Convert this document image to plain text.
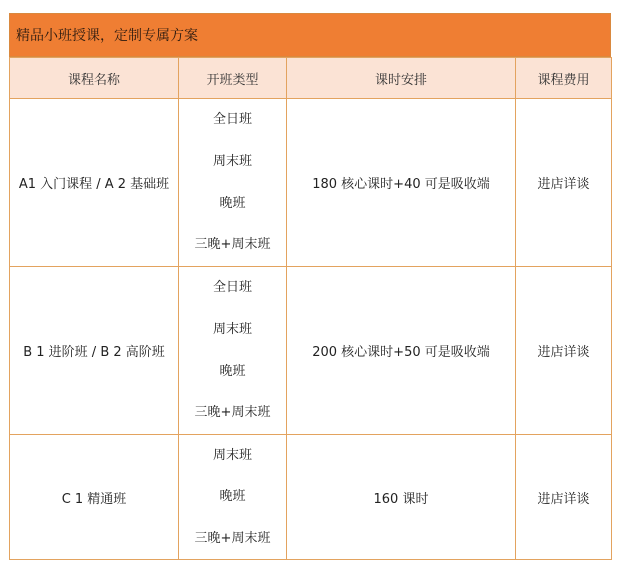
精品小班授课，定制专属方案
课程名称	开班类型	课时安排	课程费用
A1 入门课程 / A 2 基础班	全日班
周末班
晚班
三晚+周末班	180 核心课时+40 可是吸收端	进店详谈
B 1 进阶班 / B 2 高阶班	全日班
周末班
晚班
三晚+周末班	200 核心课时+50 可是吸收端	进店详谈
C 1 精通班	周末班
晚班
三晚+周末班	160 课时	进店详谈
